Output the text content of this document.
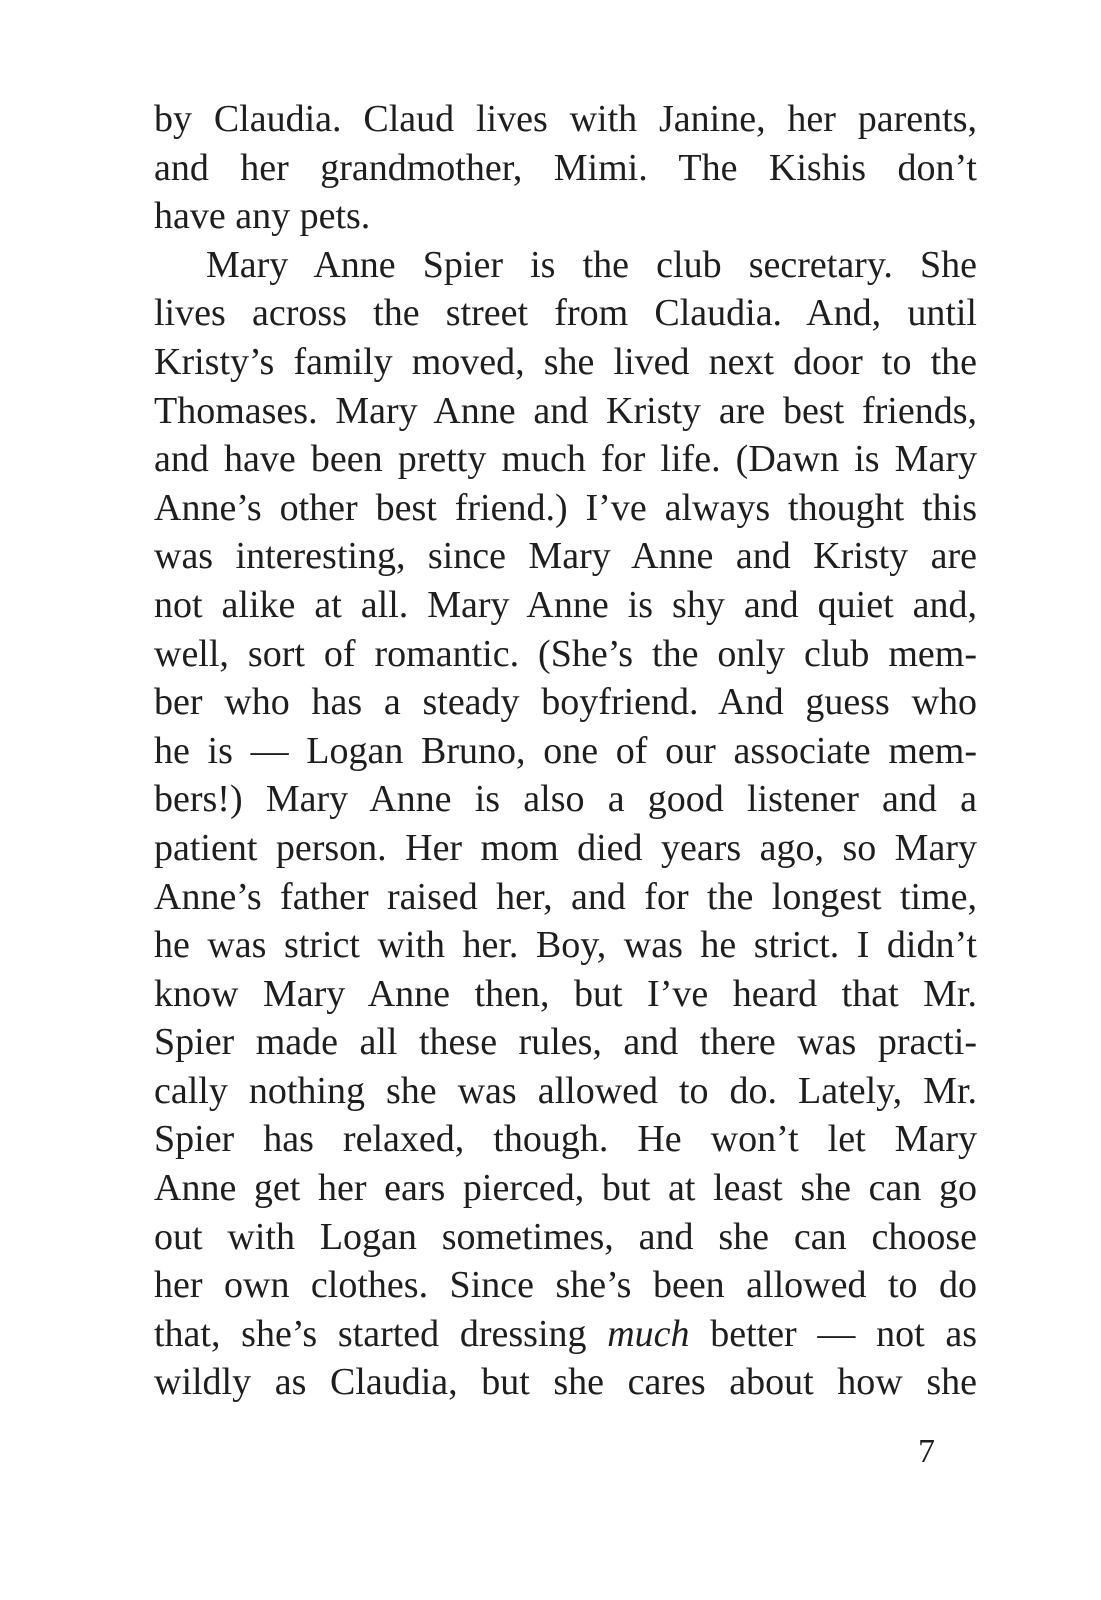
by Claudia. Claud lives with Janine, her parents,
and her grandmother, Mimi. The Kishis don’t
have any pets.
Mary Anne Spier is the club secretary. She
lives across the street from Claudia. And, until
Kristy’s family moved, she lived next door to the
Thomases. Mary Anne and Kristy are best friends,
and have been pretty much for life. (Dawn is Mary
Anne’s other best friend.) I’ve always thought this
was interesting, since Mary Anne and Kristy are
not alike at all. Mary Anne is shy and quiet and,
well, sort of romantic. (She’s the only club mem-
ber who has a steady boyfriend. And guess who
he is — Logan Bruno, one of our associate mem-
bers!) Mary Anne is also a good listener and a
patient person. Her mom died years ago, so Mary
Anne’s father raised her, and for the longest time,
he was strict with her. Boy, was he strict. I didn’t
know Mary Anne then, but I’ve heard that Mr.
Spier made all these rules, and there was practi-
cally nothing she was allowed to do. Lately, Mr.
Spier has relaxed, though. He won’t let Mary
Anne get her ears pierced, but at least she can go
out with Logan sometimes, and she can choose
her own clothes. Since she’s been allowed to do
that, she’s started dressing much better — not as
wildly as Claudia, but she cares about how she
7
